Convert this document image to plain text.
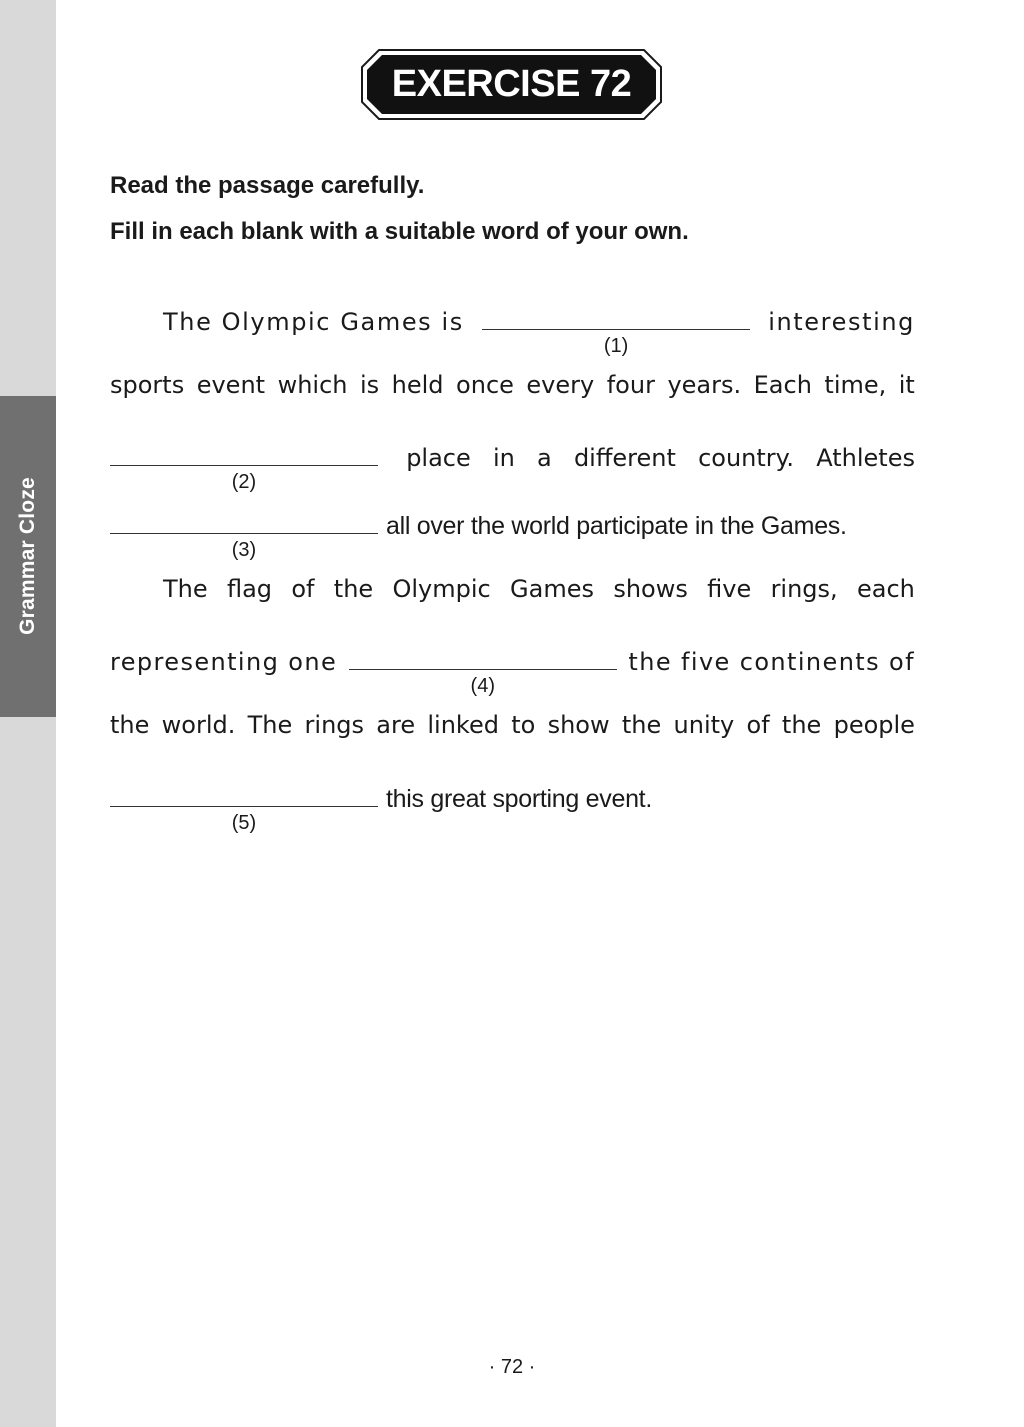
Grammar Cloze
EXERCISE 72
Read the passage carefully.
Fill in each blank with a suitable word of your own.
The Olympic Games is
(1)
interesting
sports event which is held once every four years. Each time, it
(2)
place in a different country. Athletes
(3)
all over the world participate in the Games.
The flag of the Olympic Games shows five rings, each
representing one
(4)
the five continents of
the world. The rings are linked to show the unity of the people
(5)
this great sporting event.
· 72 ·
